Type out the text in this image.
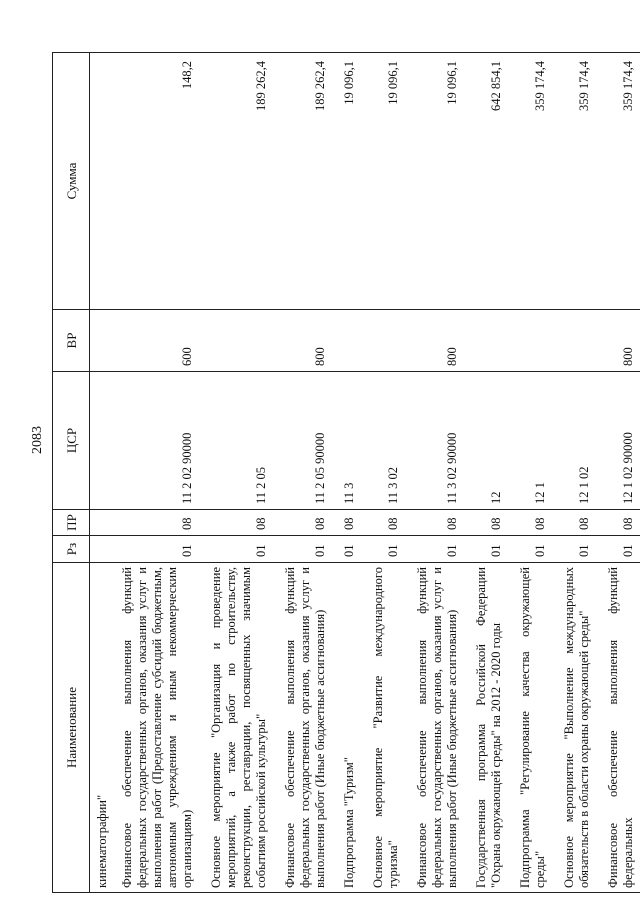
2083
Наименование	Рз	ПР	ЦСР	ВР	Сумма
кинематографии"					
Финансовое обеспечение выполнения функций федеральных государственных органов, оказания услуг и выполнения работ (Предоставление субсидий бюджетным, автономным учреждениям и иным некоммерческим организациям)	01	08	11 2 02 90000	600	148,2
Основное мероприятие "Организация и проведение мероприятий, а также работ по строительству, реконструкции, реставрации, посвященных значимым событиям российской культуры"	01	08	11 2 05		189 262,4
Финансовое обеспечение выполнения функций федеральных государственных органов, оказания услуг и выполнения работ (Иные бюджетные ассигнования)	01	08	11 2 05 90000	800	189 262,4
Подпрограмма "Туризм"	01	08	11 3		19 096,1
Основное мероприятие "Развитие международного туризма"	01	08	11 3 02		19 096,1
Финансовое обеспечение выполнения функций федеральных государственных органов, оказания услуг и выполнения работ (Иные бюджетные ассигнования)	01	08	11 3 02 90000	800	19 096,1
Государственная программа Российской Федерации "Охрана окружающей среды" на 2012 - 2020 годы	01	08	12		642 854,1
Подпрограмма "Регулирование качества окружающей среды"	01	08	12 1		359 174,4
Основное мероприятие "Выполнение международных обязательств в области охраны окружающей среды"	01	08	12 1 02		359 174,4
Финансовое обеспечение выполнения функций федеральных	01	08	12 1 02 90000	800	359 174,4
